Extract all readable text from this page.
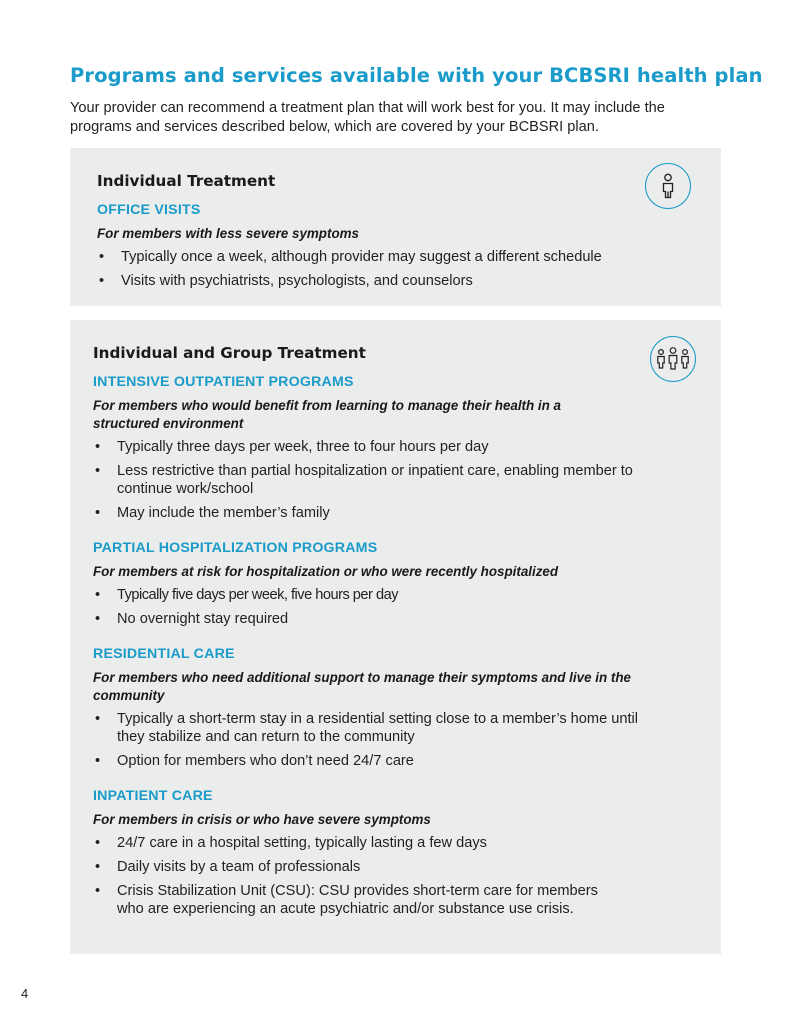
Programs and services available with your BCBSRI health plan

Your provider can recommend a treatment plan that will work best for you. It may include the programs and services described below, which are covered by your BCBSRI plan.

Individual Treatment
OFFICE VISITS

For members with less severe symptoms

• Typically once a week, although provider may suggest a different schedule
• Visits with psychiatrists, psychologists, and counselors
Individual and Group Treatment
INTENSIVE OUTPATIENT PROGRAMS

For members who would benefit from learning to manage their health in a structured environment

• Typically three days per week, three to four hours per day
• Less restrictive than partial hospitalization or inpatient care, enabling member to continue work/school
• May include the member’s family
PARTIAL HOSPITALIZATION PROGRAMS

For members at risk for hospitalization or who were recently hospitalized

• Typically five days per week, five hours per day
• No overnight stay required
RESIDENTIAL CARE

For members who need additional support to manage their symptoms and live in the community

• Typically a short-term stay in a residential setting close to a member’s home until they stabilize and can return to the community
• Option for members who don’t need 24/7 care
INPATIENT CARE

For members in crisis or who have severe symptoms

• 24/7 care in a hospital setting, typically lasting a few days
• Daily visits by a team of professionals
• Crisis Stabilization Unit (CSU): CSU provides short-term care for members who are experiencing an acute psychiatric and/or substance use crisis.
4
